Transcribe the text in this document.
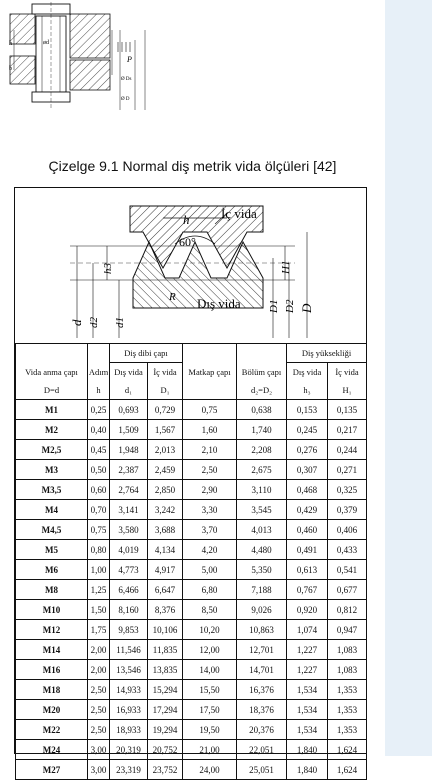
h
b
ød
P
Ø Ds
Ø D
Çizelge 9.1 Normal diş metrik vida ölçüleri [42]
h
60°
İç vida
Dış vida
R
d d2 d1
h3
D1 D2 D
H1
		Diş dibi çapı				Diş yüksekliği	
Vida anma çapı	Adım	Dış vida	İç vida	Matkap çapı	Bölüm çapı	Dış vida	İç vida
D=d	h	d₁	D₁		d₂=D₂	h₃	H₁
M1	0,25	0,693	0,729	0,75	0,638	0,153	0,135
M2	0,40	1,509	1,567	1,60	1,740	0,245	0,217
M2,5	0,45	1,948	2,013	2,10	2,208	0,276	0,244
M3	0,50	2,387	2,459	2,50	2,675	0,307	0,271
M3,5	0,60	2,764	2,850	2,90	3,110	0,468	0,325
M4	0,70	3,141	3,242	3,30	3,545	0,429	0,379
M4,5	0,75	3,580	3,688	3,70	4,013	0,460	0,406
M5	0,80	4,019	4,134	4,20	4,480	0,491	0,433
M6	1,00	4,773	4,917	5,00	5,350	0,613	0,541
M8	1,25	6,466	6,647	6,80	7,188	0,767	0,677
M10	1,50	8,160	8,376	8,50	9,026	0,920	0,812
M12	1,75	9,853	10,106	10,20	10,863	1,074	0,947
M14	2,00	11,546	11,835	12,00	12,701	1,227	1,083
M16	2,00	13,546	13,835	14,00	14,701	1,227	1,083
M18	2,50	14,933	15,294	15,50	16,376	1,534	1,353
M20	2,50	16,933	17,294	17,50	18,376	1,534	1,353
M22	2,50	18,933	19,294	19,50	20,376	1,534	1,353
M24	3,00	20,319	20,752	21,00	22,051	1,840	1,624
M27	3,00	23,319	23,752	24,00	25,051	1,840	1,624
